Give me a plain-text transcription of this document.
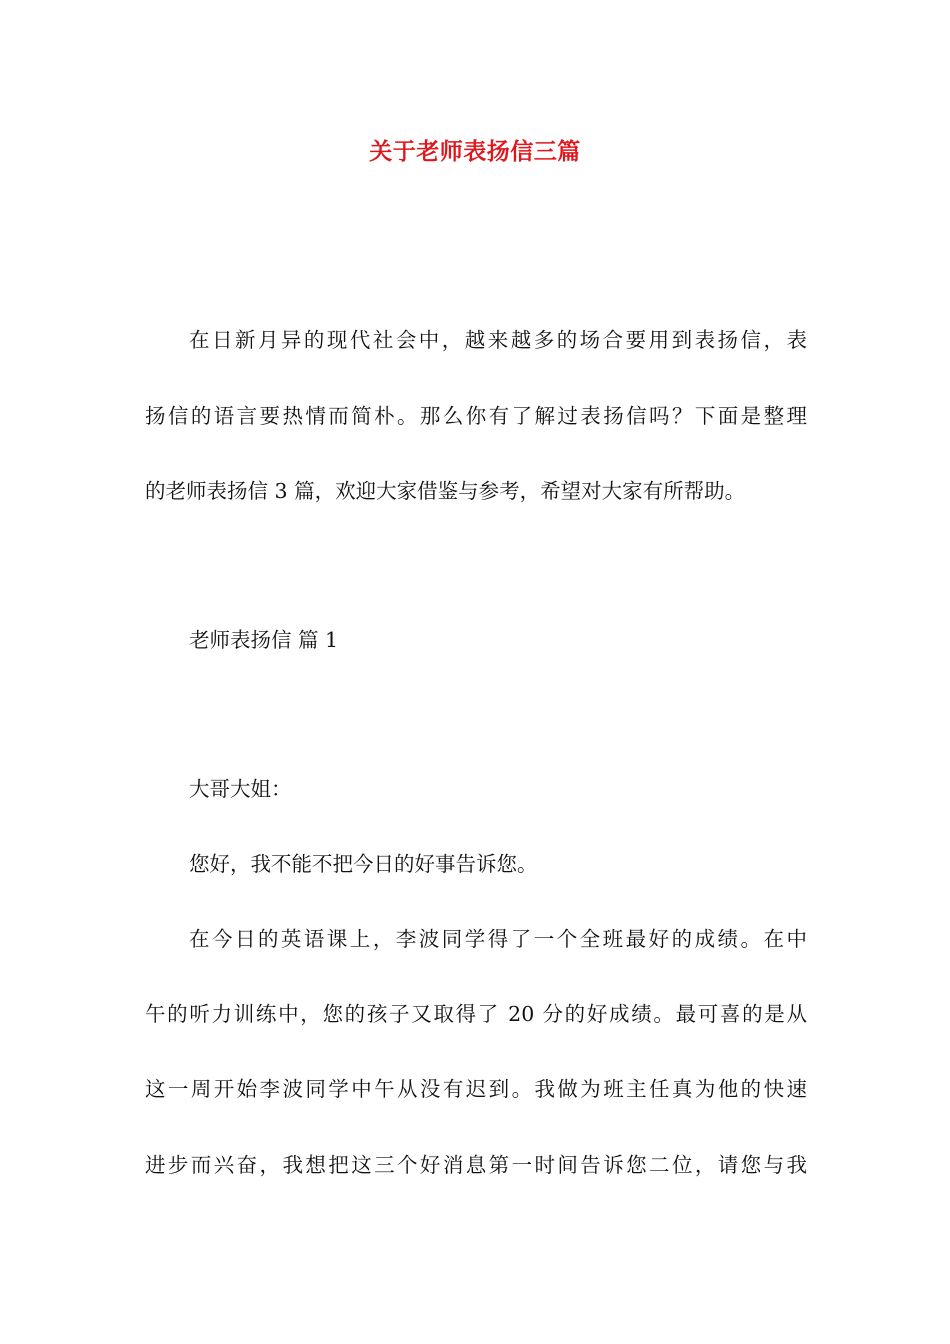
关于老师表扬信三篇

在日新月异的现代社会中，越来越多的场合要用到表扬信，表

扬信的语言要热情而简朴。那么你有了解过表扬信吗？下面是整理

的老师表扬信 3 篇，欢迎大家借鉴与参考，希望对大家有所帮助。

老师表扬信 篇 1

大哥大姐：

您好，我不能不把今日的好事告诉您。

在今日的英语课上，李波同学得了一个全班最好的成绩。在中

午的听力训练中，您的孩子又取得了 20 分的好成绩。最可喜的是从

这一周开始李波同学中午从没有迟到。我做为班主任真为他的快速

进步而兴奋，我想把这三个好消息第一时间告诉您二位，请您与我
